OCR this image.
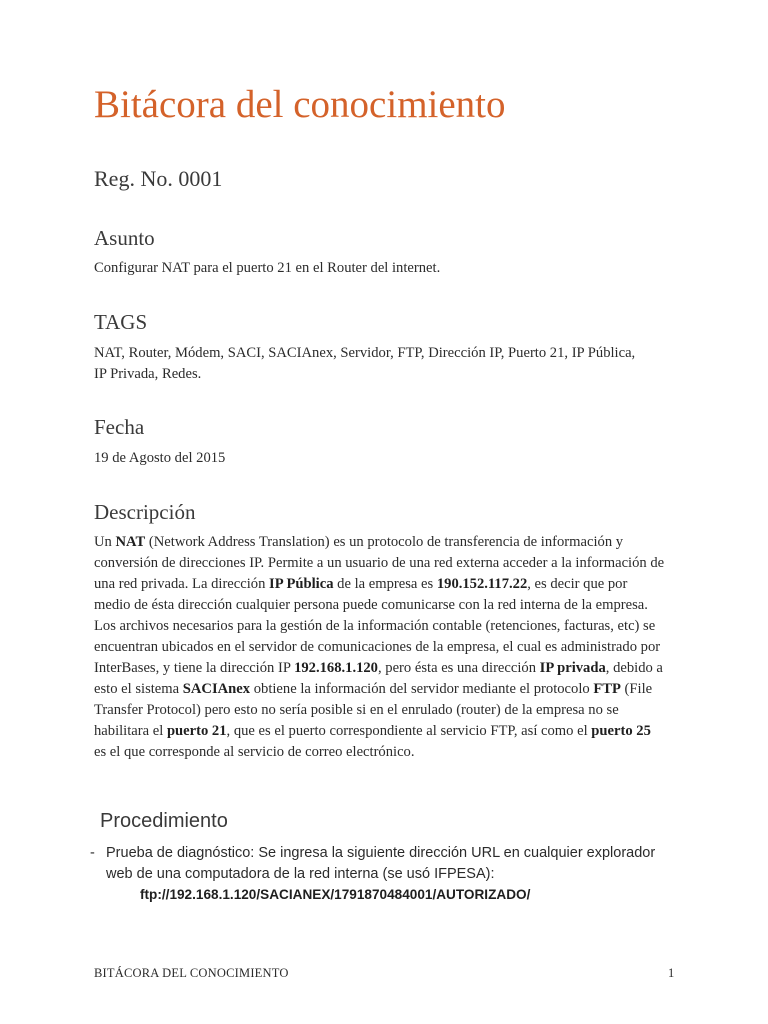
Bitácora del conocimiento
Reg. No. 0001
Asunto

Configurar NAT para el puerto 21 en el Router del internet.

TAGS

NAT, Router, Módem, SACI, SACIAnex, Servidor, FTP, Dirección IP, Puerto 21, IP Pública,
IP Privada, Redes.

Fecha

19 de Agosto del 2015

Descripción

Un NAT (Network Address Translation) es un protocolo de transferencia de información y conversión de direcciones IP. Permite a un usuario de una red externa acceder a la información de una red privada. La dirección IP Pública de la empresa es 190.152.117.22, es decir que por medio de ésta dirección cualquier persona puede comunicarse con la red interna de la empresa. Los archivos necesarios para la gestión de la información contable (retenciones, facturas, etc) se encuentran ubicados en el servidor de comunicaciones de la empresa, el cual es administrado por InterBases, y tiene la dirección IP 192.168.1.120, pero ésta es una dirección IP privada, debido a esto el sistema SACIAnex obtiene la información del servidor mediante el protocolo FTP (File Transfer Protocol) pero esto no sería posible si en el enrulado (router) de la empresa no se habilitara el puerto 21, que es el puerto correspondiente al servicio FTP, así como el puerto 25 es el que corresponde al servicio de correo electrónico.

Procedimiento
- Prueba de diagnóstico: Se ingresa la siguiente dirección URL en cualquier explorador web de una computadora de la red interna (se usó IFPESA):

ftp://192.168.1.120/SACIANEX/1791870484001/AUTORIZADO/

BITÁCORA DEL CONOCIMIENTO	1
